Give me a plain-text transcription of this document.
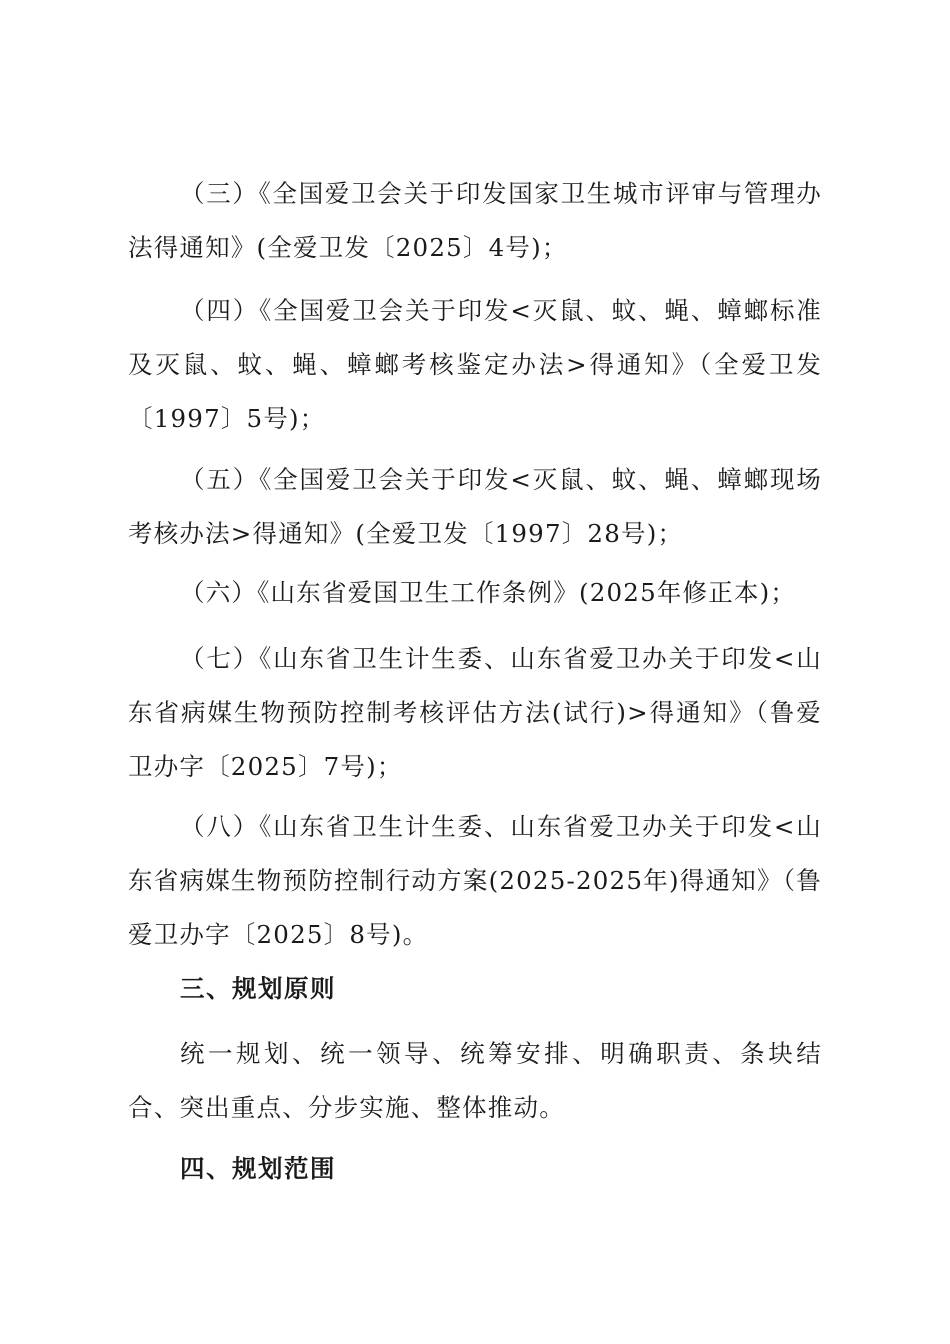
（三）《全国爱卫会关于印发国家卫生城市评审与管理办法得通知》(全爱卫发〔2025〕4号)；

（四）《全国爱卫会关于印发<灭鼠、蚊、蝇、蟑螂标准及灭鼠、蚊、蝇、蟑螂考核鉴定办法>得通知》（全爱卫发〔1997〕5号)；

（五）《全国爱卫会关于印发<灭鼠、蚊、蝇、蟑螂现场考核办法>得通知》(全爱卫发〔1997〕28号)；

（六）《山东省爱国卫生工作条例》(2025年修正本)；

（七）《山东省卫生计生委、山东省爱卫办关于印发<山东省病媒生物预防控制考核评估方法(试行)>得通知》（鲁爱卫办字〔2025〕7号)；

（八）《山东省卫生计生委、山东省爱卫办关于印发<山东省病媒生物预防控制行动方案(2025-2025年)得通知》（鲁爱卫办字〔2025〕8号)。

三、规划原则

统一规划、统一领导、统筹安排、明确职责、条块结合、突出重点、分步实施、整体推动。

四、规划范围
